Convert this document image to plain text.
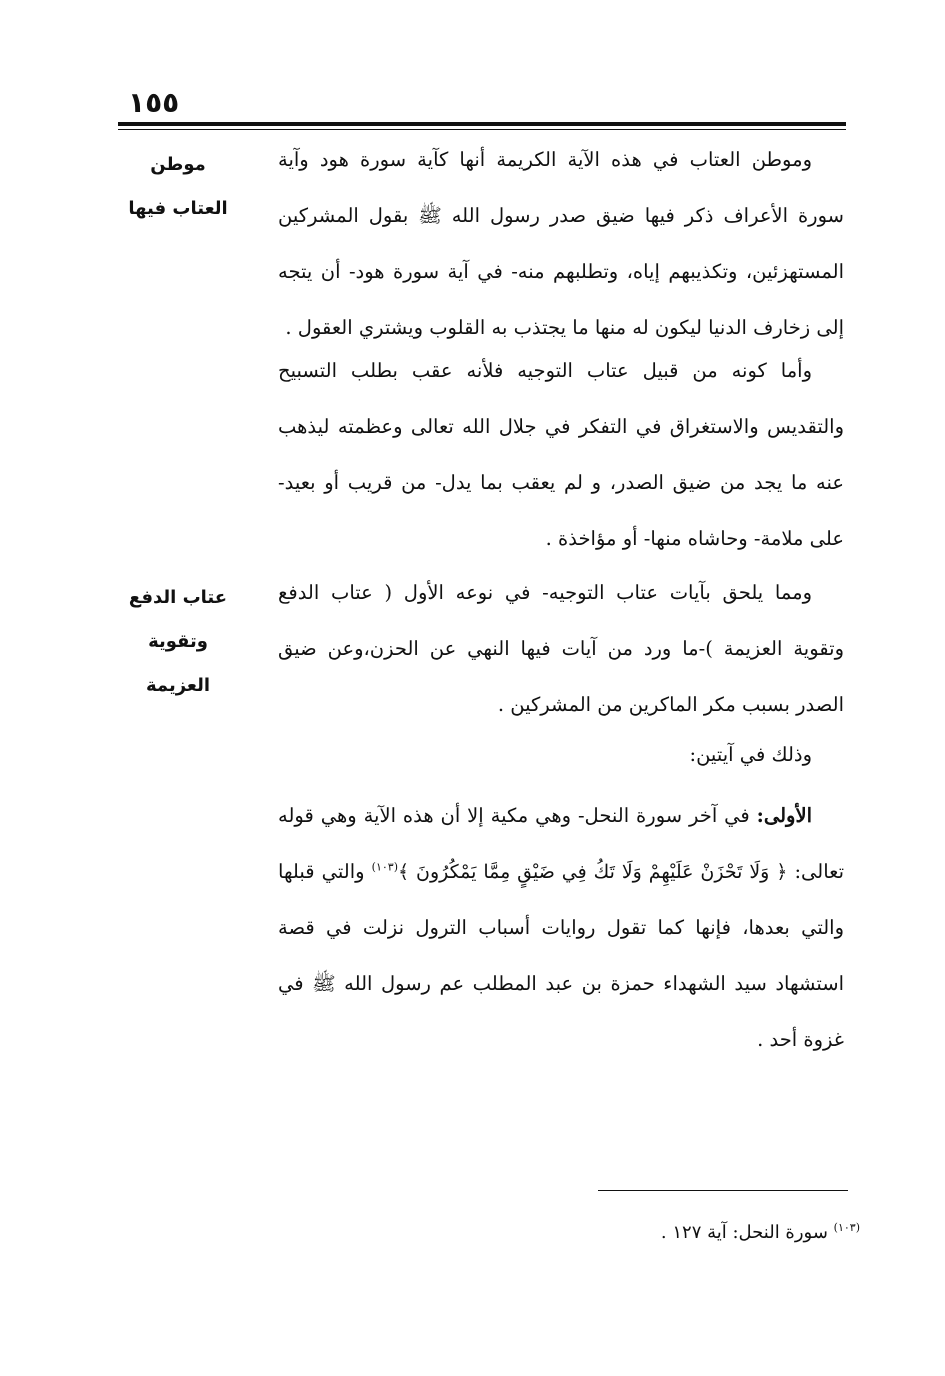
١٥٥
موطن
العتاب فيها
عتاب الدفع
وتقوية العزيمة

وموطن العتاب في هذه الآية الكريمة أنها كآية سورة هود وآية سورة الأعراف ذكر فيها ضيق صدر رسول الله ﷺ بقول المشركين المستهزئين، وتكذيبهم إياه، وتطلبهم منه- في آية سورة هود- أن يتجه إلى زخارف الدنيا ليكون له منها ما يجتذب به القلوب ويشتري العقول .

وأما كونه من قبيل عتاب التوجيه فلأنه عقب بطلب التسبيح والتقديس والاستغراق في التفكر في جلال الله تعالى وعظمته ليذهب عنه ما يجد من ضيق الصدر، و لم يعقب بما يدل- من قريب أو بعيد- على ملامة- وحاشاه منها- أو مؤاخذة .

ومما يلحق بآيات عتاب التوجيه- في نوعه الأول ( عتاب الدفع وتقوية العزيمة )-ما ورد من آيات فيها النهي عن الحزن،وعن ضيق الصدر بسبب مكر الماكرين من المشركين .

وذلك في آيتين:

الأولى: في آخر سورة النحل- وهي مكية إلا أن هذه الآية وهي قوله تعالى: ﴿ وَلَا تَحْزَنْ عَلَيْهِمْ وَلَا تَكُ فِي ضَيْقٍ مِمَّا يَمْكُرُونَ ﴾$^{(١٠٣)}$ والتي قبلها والتي بعدها، فإنها كما تقول روايات أسباب الترول نزلت في قصة استشهاد سيد الشهداء حمزة بن عبد المطلب عم رسول الله ﷺ في غزوة أحد .

$^{(١٠٣)}$ سورة النحل: آية ١٢٧ .
